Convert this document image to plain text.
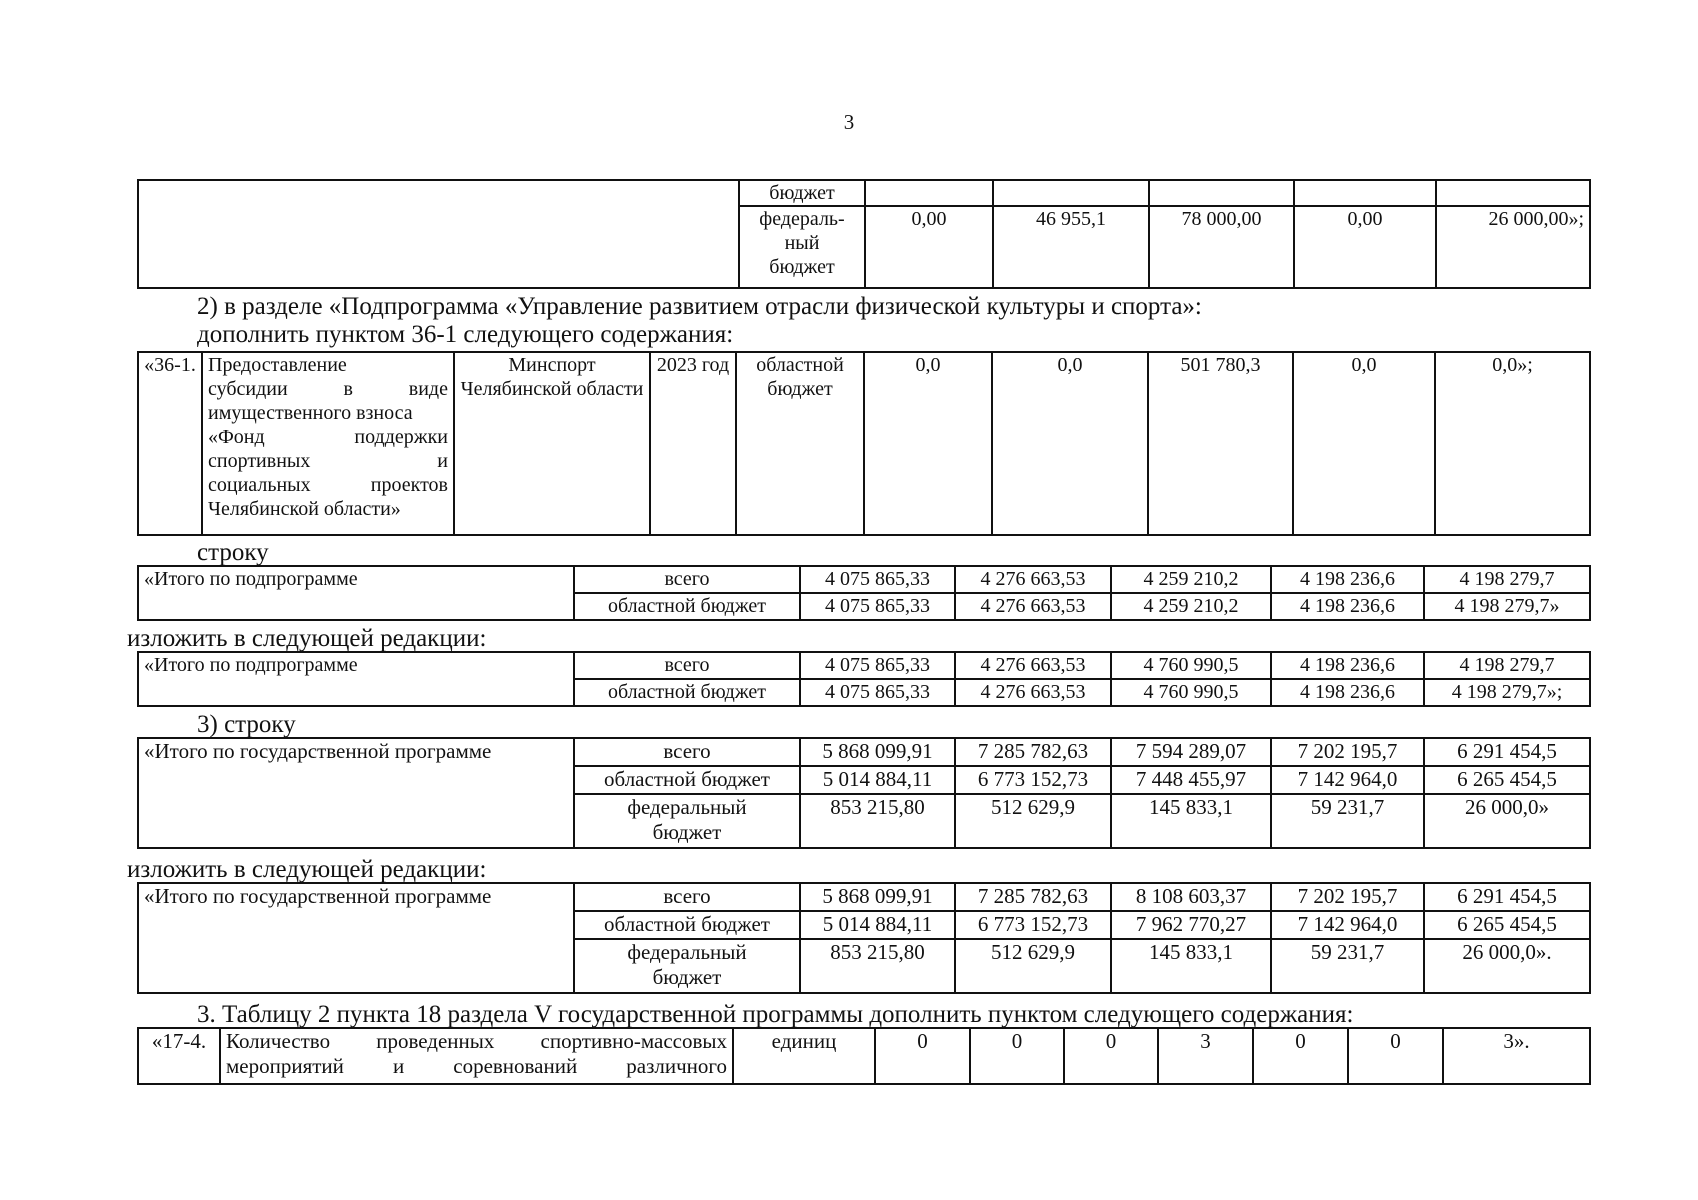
3
	бюджет					

	федераль-
ный
бюджет	0,00	46 955,1	78 000,00	0,00	26 000,00»;
2) в разделе «Подпрограмма «Управление развитием отрасли физической культуры и спорта»:
дополнить пунктом 36-1 следующего содержания:
«36-1.	Предоставление
субсидии в виде
имущественного взноса
«Фонд поддержки
спортивных и
социальных проектов
Челябинской области»
	Минспорт Челябинской области	2023 год	областной бюджет	0,0	0,0	501 780,3	0,0	0,0»;
строку
«Итого по подпрограмме	всего	4 075 865,33	4 276 663,53	4 259 210,2	4 198 236,6	4 198 279,7
	областной бюджет	4 075 865,33	4 276 663,53	4 259 210,2	4 198 236,6	4 198 279,7»
изложить в следующей редакции:
«Итого по подпрограмме	всего	4 075 865,33	4 276 663,53	4 760 990,5	4 198 236,6	4 198 279,7
	областной бюджет	4 075 865,33	4 276 663,53	4 760 990,5	4 198 236,6	4 198 279,7»;
3) строку
«Итого по государственной программе	всего	5 868 099,91	7 285 782,63	7 594 289,07	7 202 195,7	6 291 454,5
	областной бюджет	5 014 884,11	6 773 152,73	7 448 455,97	7 142 964,0	6 265 454,5
	федеральный бюджет	853 215,80	512 629,9	145 833,1	59 231,7	26 000,0»
изложить в следующей редакции:
«Итого по государственной программе	всего	5 868 099,91	7 285 782,63	8 108 603,37	7 202 195,7	6 291 454,5
	областной бюджет	5 014 884,11	6 773 152,73	7 962 770,27	7 142 964,0	6 265 454,5
	федеральный бюджет	853 215,80	512 629,9	145 833,1	59 231,7	26 000,0».
3. Таблицу 2 пункта 18 раздела V государственной программы дополнить пунктом следующего содержания:
«17-4.	Количество проведенных спортивно-массовых
мероприятий и соревнований различного
	единиц	0	0	0	3	0	0	3».
